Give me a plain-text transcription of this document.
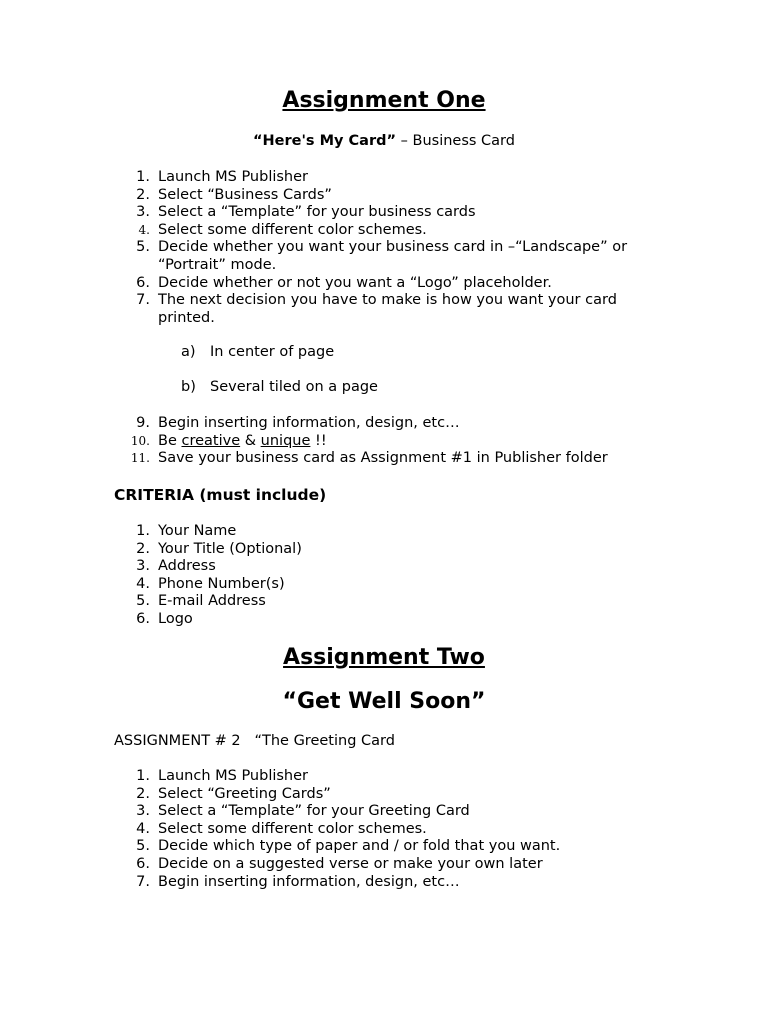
Assignment One
“Here's My Card” – Business Card
1. Launch MS Publisher
2. Select “Business Cards”
3. Select a “Template” for your business cards
4. Select some different color schemes.
5. Decide whether you want your business card in –“Landscape” or “Portrait” mode.
6. Decide whether or not you want a “Logo” placeholder.
7. The next decision you have to make is how you want your card printed.
a) In center of page
b) Several tiled on a page
9. Begin inserting information, design, etc…
10. Be creative & unique !!
11. Save your business card as Assignment #1 in Publisher folder
CRITERIA (must include)
1. Your Name
2. Your Title (Optional)
3. Address
4. Phone Number(s)
5. E-mail Address
6. Logo
Assignment Two
“Get Well Soon”
ASSIGNMENT # 2   “The Greeting Card
1. Launch MS Publisher
2. Select “Greeting Cards”
3. Select a “Template” for your Greeting Card
4. Select some different color schemes.
5. Decide which type of paper and / or fold that you want.
6. Decide on a suggested verse or make your own later
7. Begin inserting information, design, etc…
